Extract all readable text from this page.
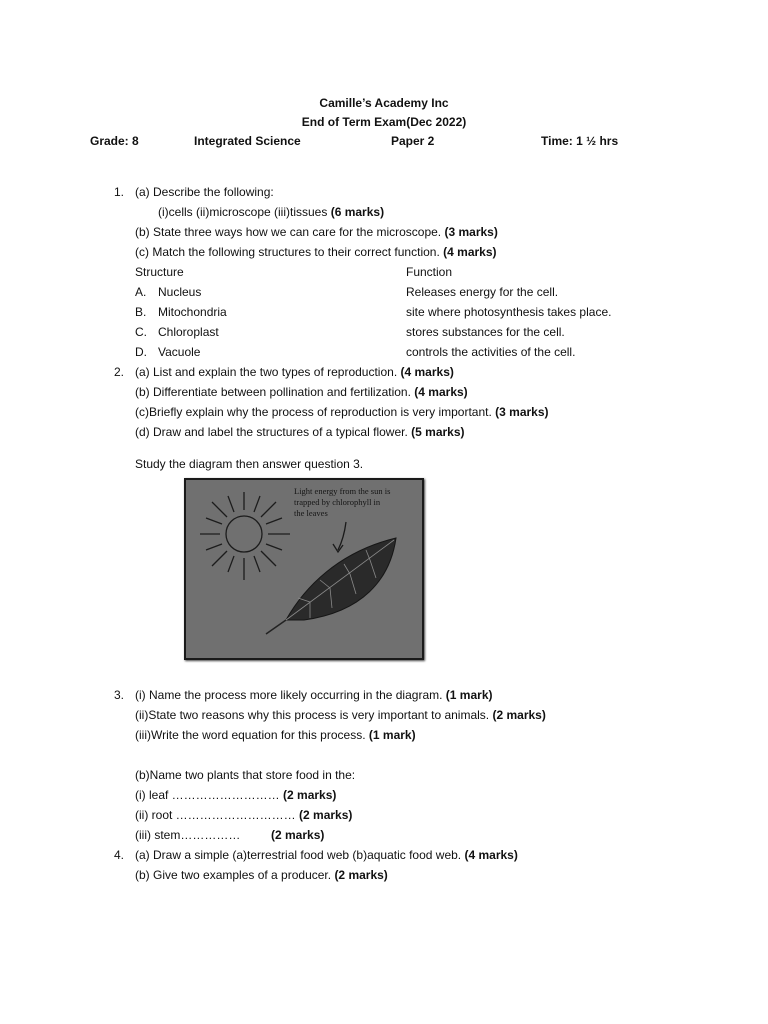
Camille’s Academy Inc
End of Term Exam(Dec 2022)
Grade: 8	Integrated Science	Paper 2	Time: 1 ½ hrs
1. (a) Describe the following:
(i)cells (ii)microscope (iii)tissues (6 marks)
(b) State three ways how we can care for the microscope. (3 marks)
(c) Match the following structures to their correct function. (4 marks)
Structure	Function
A. Nucleus	Releases energy for the cell.
B. Mitochondria	site where photosynthesis takes place.
C. Chloroplast	stores substances for the cell.
D. Vacuole	controls the activities of the cell.
2. (a) List and explain the two types of reproduction. (4 marks)
(b) Differentiate between pollination and fertilization. (4 marks)
(c)Briefly explain why the process of reproduction is very important. (3 marks)
(d) Draw and label the structures of a typical flower. (5 marks)
Study the diagram then answer question 3.
Light energy from the sun is
trapped by chlorophyll in
the leaves
3. (i) Name the process more likely occurring in the diagram. (1 mark)
(ii)State two reasons why this process is very important to animals. (2 marks)
(iii)Write the word equation for this process. (1 mark)
(b)Name two plants that store food in the:
(i) leaf ……………………… (2 marks)
(ii) root ………………………… (2 marks)
(iii) stem……………	(2 marks)
4. (a) Draw a simple (a)terrestrial food web (b)aquatic food web. (4 marks)
(b) Give two examples of a producer. (2 marks)
